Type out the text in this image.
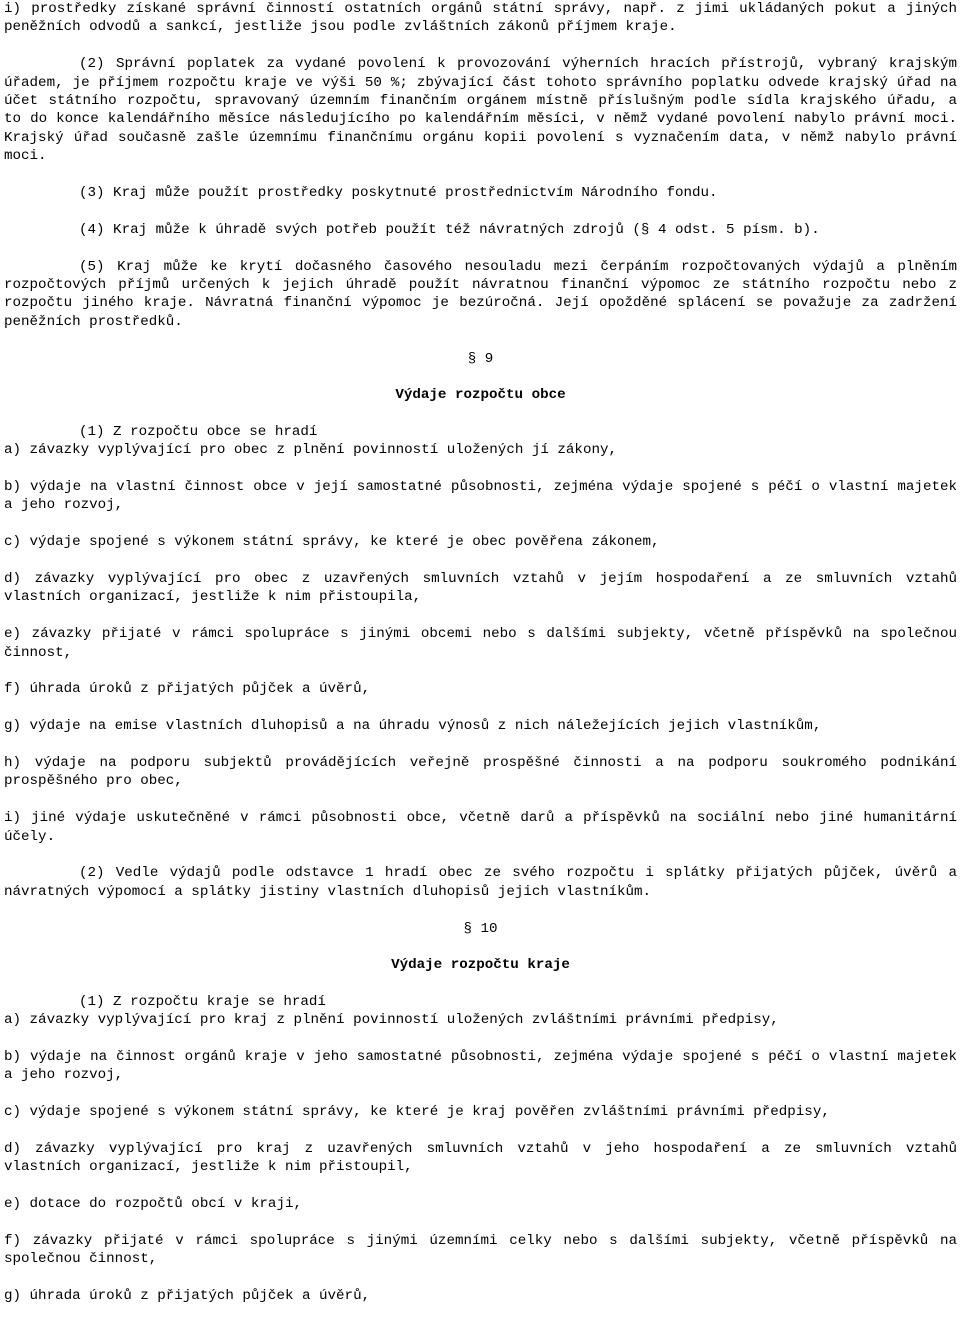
i) prostředky získané správní činností ostatních orgánů státní správy, např. z jimi ukládaných pokut a jiných peněžních odvodů a sankcí, jestliže jsou podle zvláštních zákonů příjmem kraje.

(2) Správní poplatek za vydané povolení k provozování výherních hracích přístrojů, vybraný krajským úřadem, je příjmem rozpočtu kraje ve výši 50 %; zbývající část tohoto správního poplatku odvede krajský úřad na účet státního rozpočtu, spravovaný územním finančním orgánem místně příslušným podle sídla krajského úřadu, a to do konce kalendářního měsíce následujícího po kalendářním měsíci, v němž vydané povolení nabylo právní moci. Krajský úřad současně zašle územnímu finančnímu orgánu kopii povolení s vyznačením data, v němž nabylo právní moci.

(3) Kraj může použít prostředky poskytnuté prostřednictvím Národního fondu.

(4) Kraj může k úhradě svých potřeb použít též návratných zdrojů (§ 4 odst. 5 písm. b).

(5) Kraj může ke krytí dočasného časového nesouladu mezi čerpáním rozpočtovaných výdajů a plněním rozpočtových příjmů určených k jejich úhradě použít návratnou finanční výpomoc ze státního rozpočtu nebo z rozpočtu jiného kraje. Návratná finanční výpomoc je bezúročná. Její opožděné splácení se považuje za zadržení peněžních prostředků.

§ 9
Výdaje rozpočtu obce

(1) Z rozpočtu obce se hradí

a) závazky vyplývající pro obec z plnění povinností uložených jí zákony,

b) výdaje na vlastní činnost obce v její samostatné působnosti, zejména výdaje spojené s péčí o vlastní majetek a jeho rozvoj,

c) výdaje spojené s výkonem státní správy, ke které je obec pověřena zákonem,

d) závazky vyplývající pro obec z uzavřených smluvních vztahů v jejím hospodaření a ze smluvních vztahů vlastních organizací, jestliže k nim přistoupila,

e) závazky přijaté v rámci spolupráce s jinými obcemi nebo s dalšími subjekty, včetně příspěvků na společnou činnost,

f) úhrada úroků z přijatých půjček a úvěrů,

g) výdaje na emise vlastních dluhopisů a na úhradu výnosů z nich náležejících jejich vlastníkům,

h) výdaje na podporu subjektů provádějících veřejně prospěšné činnosti a na podporu soukromého podnikání prospěšného pro obec,

i) jiné výdaje uskutečněné v rámci působnosti obce, včetně darů a příspěvků na sociální nebo jiné humanitární účely.

(2) Vedle výdajů podle odstavce 1 hradí obec ze svého rozpočtu i splátky přijatých půjček, úvěrů a návratných výpomocí a splátky jistiny vlastních dluhopisů jejich vlastníkům.

§ 10
Výdaje rozpočtu kraje

(1) Z rozpočtu kraje se hradí

a) závazky vyplývající pro kraj z plnění povinností uložených zvláštními právními předpisy,

b) výdaje na činnost orgánů kraje v jeho samostatné působnosti, zejména výdaje spojené s péčí o vlastní majetek a jeho rozvoj,

c) výdaje spojené s výkonem státní správy, ke které je kraj pověřen zvláštními právními předpisy,

d) závazky vyplývající pro kraj z uzavřených smluvních vztahů v jeho hospodaření a ze smluvních vztahů vlastních organizací, jestliže k nim přistoupil,

e) dotace do rozpočtů obcí v kraji,

f) závazky přijaté v rámci spolupráce s jinými územními celky nebo s dalšími subjekty, včetně příspěvků na společnou činnost,

g) úhrada úroků z přijatých půjček a úvěrů,
